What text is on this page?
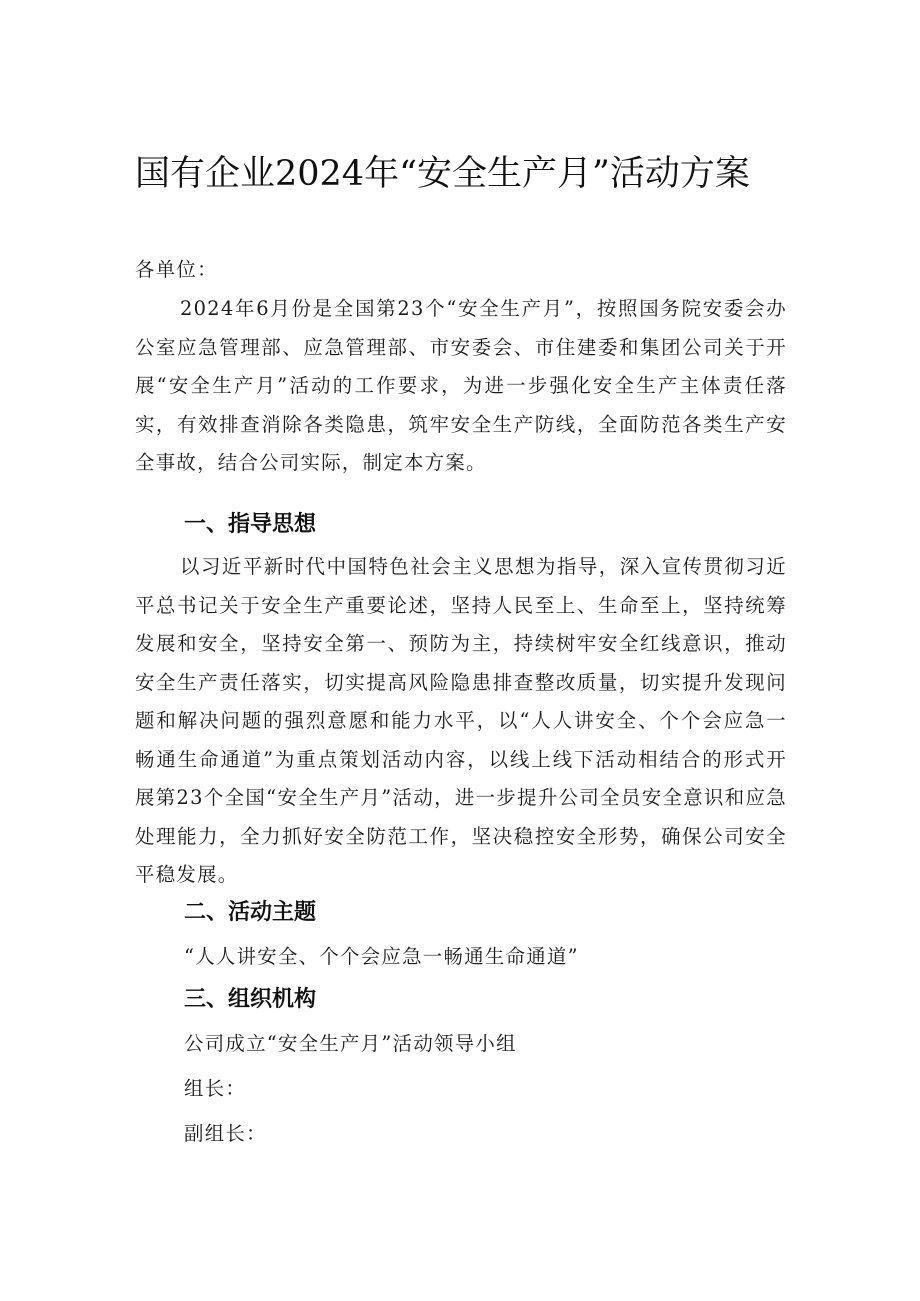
国有企业2024年“安全生产月”活动方案

各单位：

2024年6月份是全国第23个“安全生产月”，按照国务院安委会办公室应急管理部、应急管理部、市安委会、市住建委和集团公司关于开展“安全生产月”活动的工作要求，为进一步强化安全生产主体责任落实，有效排查消除各类隐患，筑牢安全生产防线，全面防范各类生产安全事故，结合公司实际，制定本方案。

一、指导思想

以习近平新时代中国特色社会主义思想为指导，深入宣传贯彻习近平总书记关于安全生产重要论述，坚持人民至上、生命至上，坚持统筹发展和安全，坚持安全第一、预防为主，持续树牢安全红线意识，推动安全生产责任落实，切实提高风险隐患排查整改质量，切实提升发现问题和解决问题的强烈意愿和能力水平，以“人人讲安全、个个会应急一畅通生命通道”为重点策划活动内容，以线上线下活动相结合的形式开展第23个全国“安全生产月”活动，进一步提升公司全员安全意识和应急处理能力，全力抓好安全防范工作，坚决稳控安全形势，确保公司安全平稳发展。

二、活动主题

“人人讲安全、个个会应急一畅通生命通道”

三、组织机构

公司成立“安全生产月”活动领导小组

组长：

副组长：
